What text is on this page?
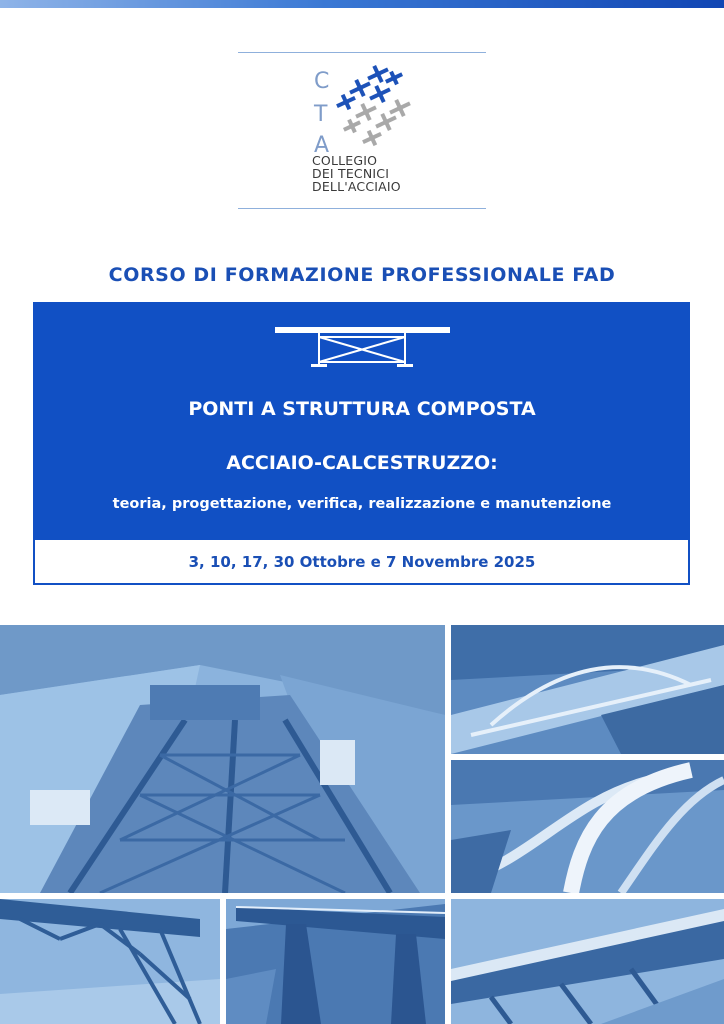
C
T
A
COLLEGIO
DEI TECNICI
DELL'ACCIAIO
CORSO DI FORMAZIONE PROFESSIONALE FAD
PONTI A STRUTTURA COMPOSTA
ACCIAIO-CALCESTRUZZO:
teoria, progettazione, verifica, realizzazione e manutenzione
3, 10, 17, 30 Ottobre e 7 Novembre 2025
